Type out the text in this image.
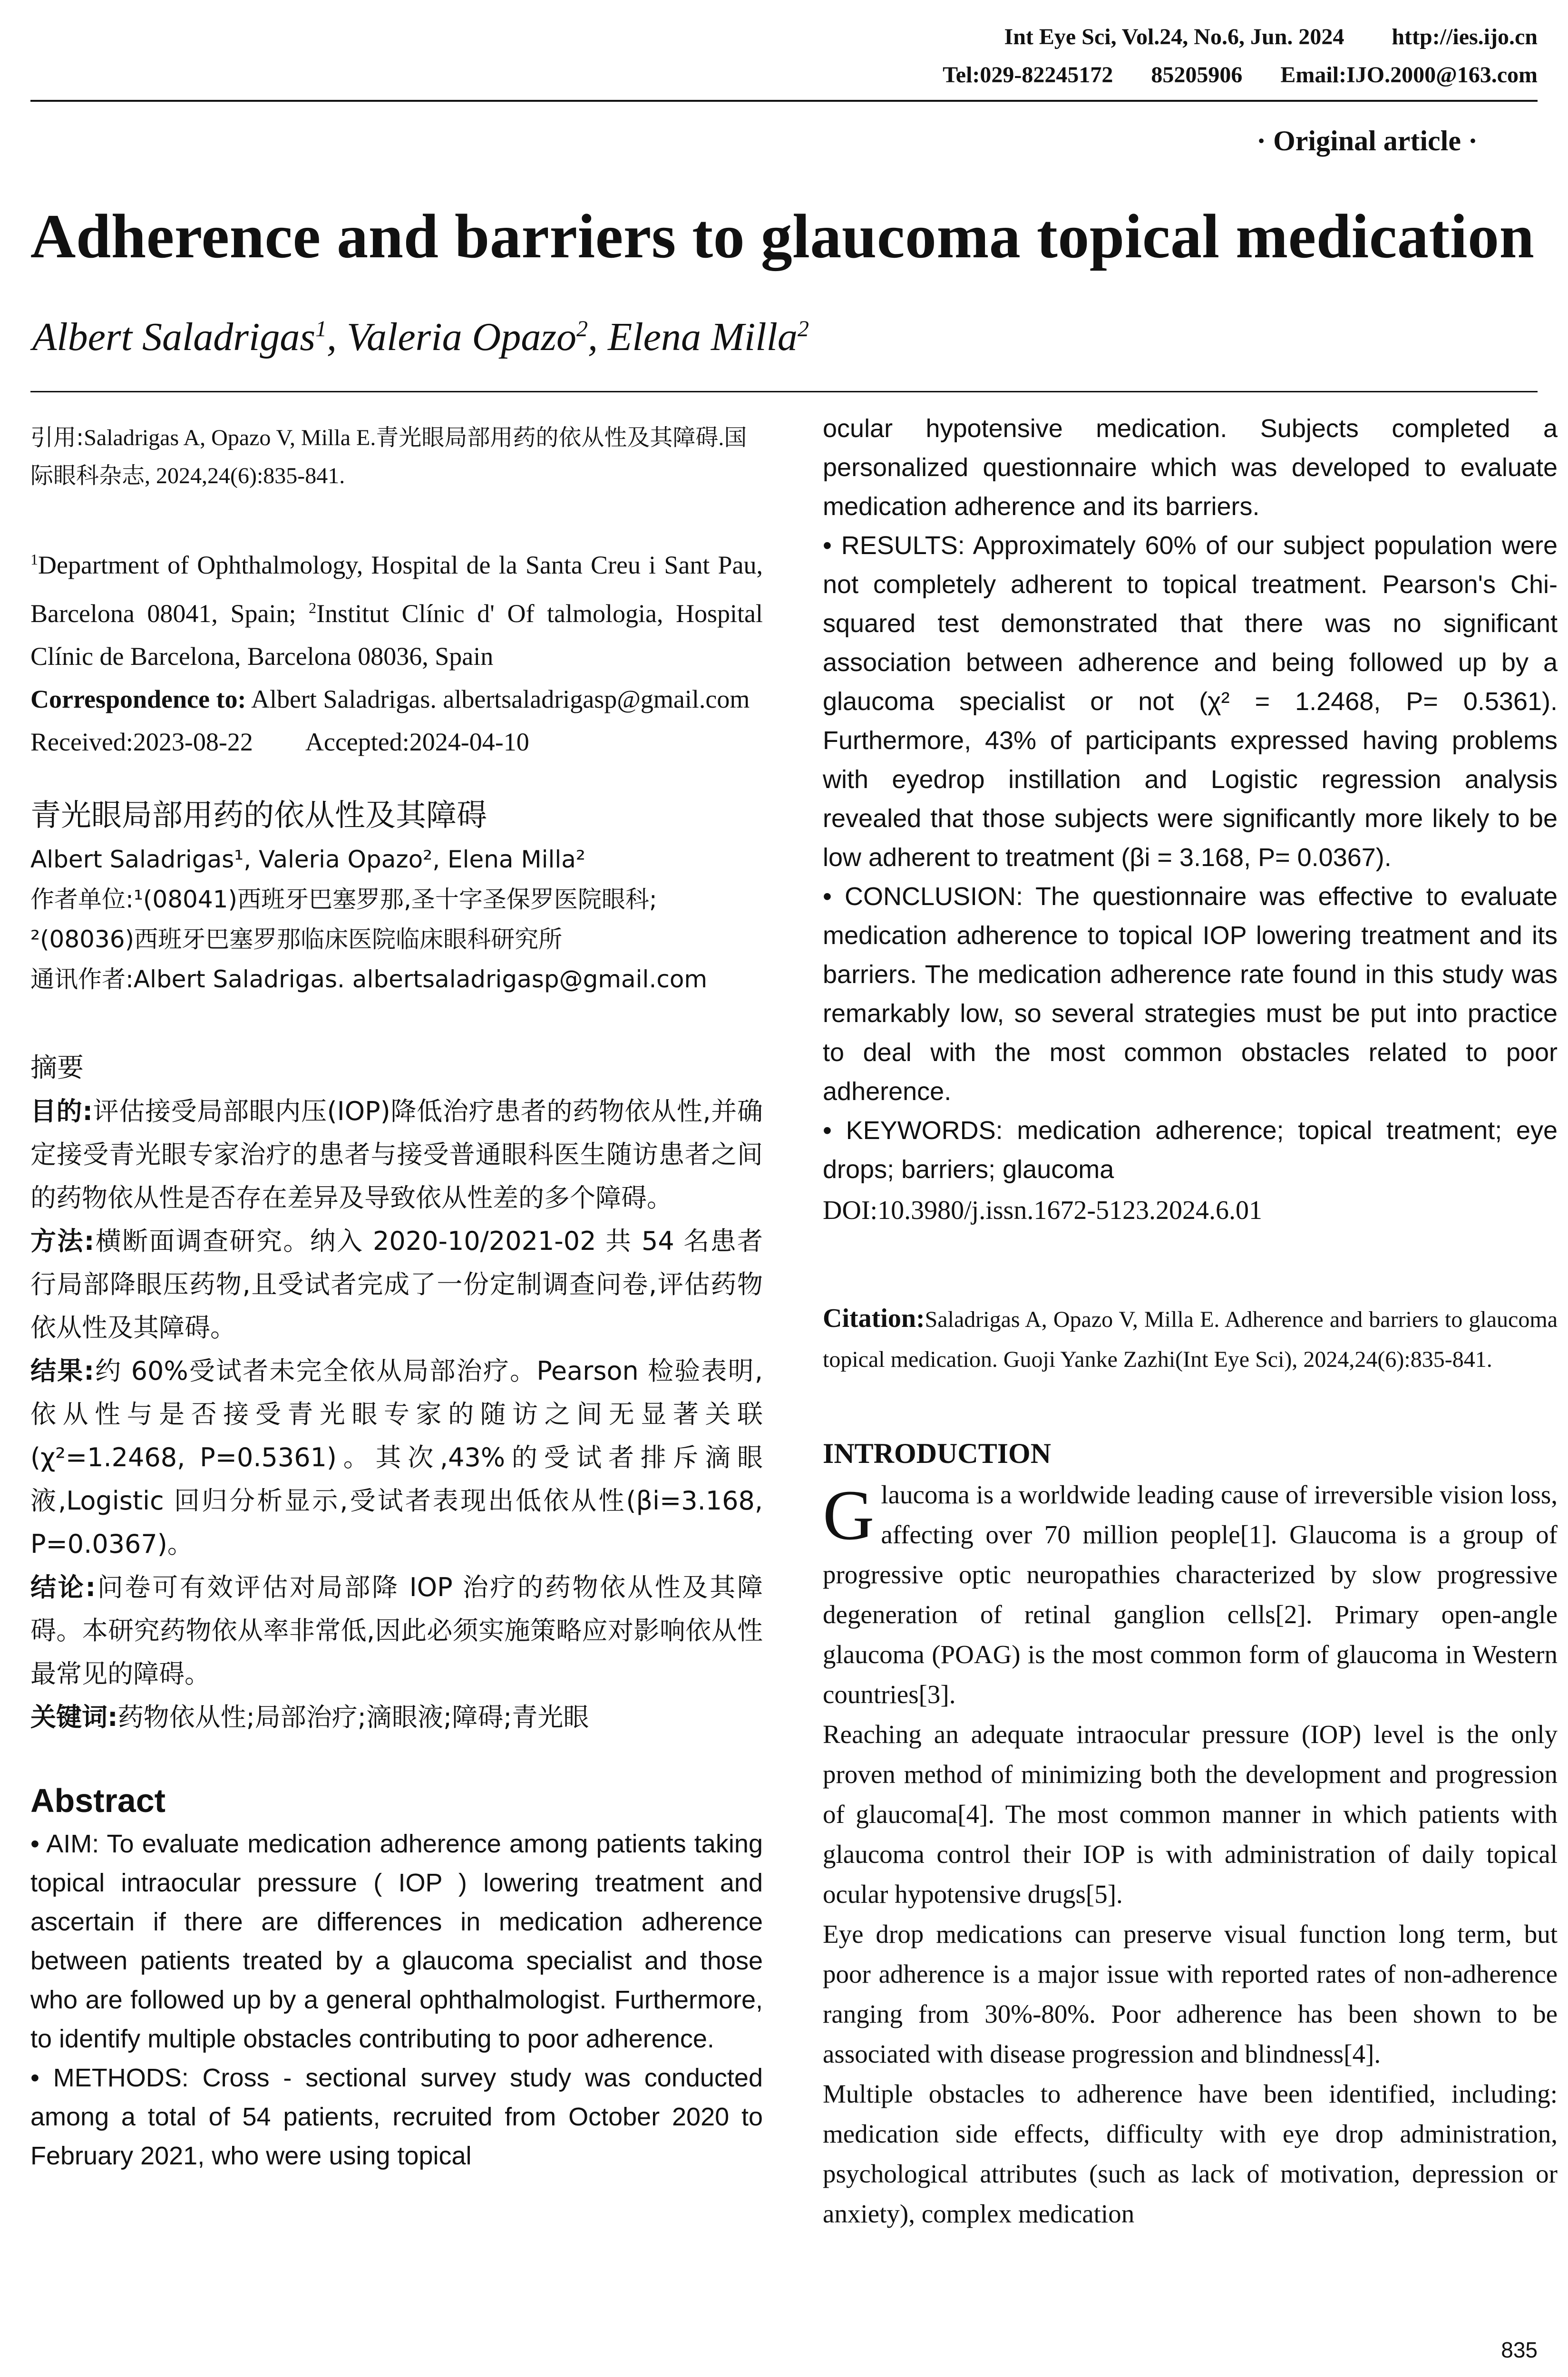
Int Eye Sci, Vol.24, No.6, Jun. 2024 http://ies.ijo.cn
Tel:029-82245172 85205906 Email:IJO.2000@163.com
· Original article ·
Adherence and barriers to glaucoma topical medication
Albert Saladrigas$^1$, Valeria Opazo$^2$, Elena Milla$^2$

引用:Saladrigas A, Opazo V, Milla E.青光眼局部用药的依从性及其障碍.国际眼科杂志, 2024,24(6):835-841.

$^1$Department of Ophthalmology, Hospital de la Santa Creu i Sant Pau, Barcelona 08041, Spain; $^2$Institut Clínic d' Of talmologia, Hospital Clínic de Barcelona, Barcelona 08036, Spain

Correspondence to: Albert Saladrigas. albertsaladrigasp@gmail.com

Received:2023-08-22 Accepted:2024-04-10

青光眼局部用药的依从性及其障碍

Albert Saladrigas¹, Valeria Opazo², Elena Milla²

作者单位:¹(08041)西班牙巴塞罗那,圣十字圣保罗医院眼科;

²(08036)西班牙巴塞罗那临床医院临床眼科研究所

通讯作者:Albert Saladrigas. albertsaladrigasp@gmail.com

摘要

目的:评估接受局部眼内压(IOP)降低治疗患者的药物依从性,并确定接受青光眼专家治疗的患者与接受普通眼科医生随访患者之间的药物依从性是否存在差异及导致依从性差的多个障碍。

方法:横断面调查研究。纳入 2020-10/2021-02 共 54 名患者行局部降眼压药物,且受试者完成了一份定制调查问卷,评估药物依从性及其障碍。

结果:约 60%受试者未完全依从局部治疗。Pearson 检验表明,依从性与是否接受青光眼专家的随访之间无显著关联(χ²=1.2468, P=0.5361)。其次,43%的受试者排斥滴眼液,Logistic 回归分析显示,受试者表现出低依从性(βi=3.168, P=0.0367)。

结论:问卷可有效评估对局部降 IOP 治疗的药物依从性及其障碍。本研究药物依从率非常低,因此必须实施策略应对影响依从性最常见的障碍。

关键词:药物依从性;局部治疗;滴眼液;障碍;青光眼

Abstract

• AIM: To evaluate medication adherence among patients taking topical intraocular pressure ( IOP ) lowering treatment and ascertain if there are differences in medication adherence between patients treated by a glaucoma specialist and those who are followed up by a general ophthalmologist. Furthermore, to identify multiple obstacles contributing to poor adherence.

• METHODS: Cross - sectional survey study was conducted among a total of 54 patients, recruited from October 2020 to February 2021, who were using topical

ocular hypotensive medication. Subjects completed a personalized questionnaire which was developed to evaluate medication adherence and its barriers.

• RESULTS: Approximately 60% of our subject population were not completely adherent to topical treatment. Pearson's Chi-squared test demonstrated that there was no significant association between adherence and being followed up by a glaucoma specialist or not (χ² = 1.2468, P= 0.5361). Furthermore, 43% of participants expressed having problems with eyedrop instillation and Logistic regression analysis revealed that those subjects were significantly more likely to be low adherent to treatment (βi = 3.168, P= 0.0367).

• CONCLUSION: The questionnaire was effective to evaluate medication adherence to topical IOP lowering treatment and its barriers. The medication adherence rate found in this study was remarkably low, so several strategies must be put into practice to deal with the most common obstacles related to poor adherence.

• KEYWORDS: medication adherence; topical treatment; eye drops; barriers; glaucoma

DOI:10.3980/j.issn.1672-5123.2024.6.01

Citation:Saladrigas A, Opazo V, Milla E. Adherence and barriers to glaucoma topical medication. Guoji Yanke Zazhi(Int Eye Sci), 2024,24(6):835-841.

INTRODUCTION

Glaucoma is a worldwide leading cause of irreversible vision loss, affecting over 70 million people[1]. Glaucoma is a group of progressive optic neuropathies characterized by slow progressive degeneration of retinal ganglion cells[2]. Primary open-angle glaucoma (POAG) is the most common form of glaucoma in Western countries[3].

Reaching an adequate intraocular pressure (IOP) level is the only proven method of minimizing both the development and progression of glaucoma[4]. The most common manner in which patients with glaucoma control their IOP is with administration of daily topical ocular hypotensive drugs[5].

Eye drop medications can preserve visual function long term, but poor adherence is a major issue with reported rates of non-adherence ranging from 30%-80%. Poor adherence has been shown to be associated with disease progression and blindness[4].

Multiple obstacles to adherence have been identified, including: medication side effects, difficulty with eye drop administration, psychological attributes (such as lack of motivation, depression or anxiety), complex medication

835
